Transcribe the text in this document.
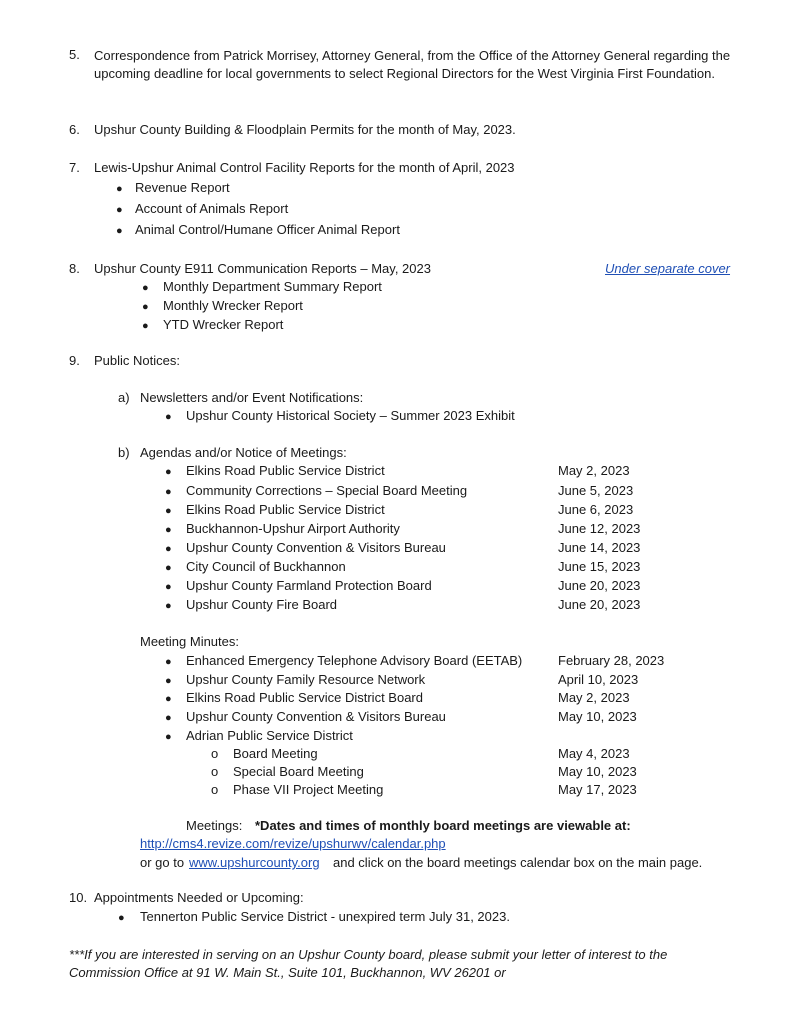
5. Correspondence from Patrick Morrisey, Attorney General, from the Office of the Attorney General regarding the upcoming deadline for local governments to select Regional Directors for the West Virginia First Foundation.
6. Upshur County Building & Floodplain Permits for the month of May, 2023.
7. Lewis-Upshur Animal Control Facility Reports for the month of April, 2023
● Revenue Report
● Account of Animals Report
● Animal Control/Humane Officer Animal Report
8. Upshur County E911 Communication Reports – May, 2023	Under separate cover
● Monthly Department Summary Report
● Monthly Wrecker Report
● YTD Wrecker Report
9. Public Notices:
a) Newsletters and/or Event Notifications:
● Upshur County Historical Society – Summer 2023 Exhibit
b) Agendas and/or Notice of Meetings:
● Elkins Road Public Service District	May 2, 2023
● Community Corrections – Special Board Meeting	June 5, 2023
● Elkins Road Public Service District	June 6, 2023
● Buckhannon-Upshur Airport Authority	June 12, 2023
● Upshur County Convention & Visitors Bureau	June 14, 2023
● City Council of Buckhannon	June 15, 2023
● Upshur County Farmland Protection Board	June 20, 2023
● Upshur County Fire Board	June 20, 2023
Meeting Minutes:
● Enhanced Emergency Telephone Advisory Board (EETAB)	February 28, 2023
● Upshur County Family Resource Network	April 10, 2023
● Elkins Road Public Service District Board	May 2, 2023
● Upshur County Convention & Visitors Bureau	May 10, 2023
● Adrian Public Service District
o Board Meeting	May 4, 2023
o Special Board Meeting	May 10, 2023
o Phase VII Project Meeting	May 17, 2023
Meetings: *Dates and times of monthly board meetings are viewable at:
http://cms4.revize.com/revize/upshurwv/calendar.php
or go to www.upshurcounty.org and click on the board meetings calendar box on the main page.
10. Appointments Needed or Upcoming:
● Tennerton Public Service District - unexpired term July 31, 2023.
***If you are interested in serving on an Upshur County board, please submit your letter of interest to the Commission Office at 91 W. Main St., Suite 101, Buckhannon, WV 26201 or
